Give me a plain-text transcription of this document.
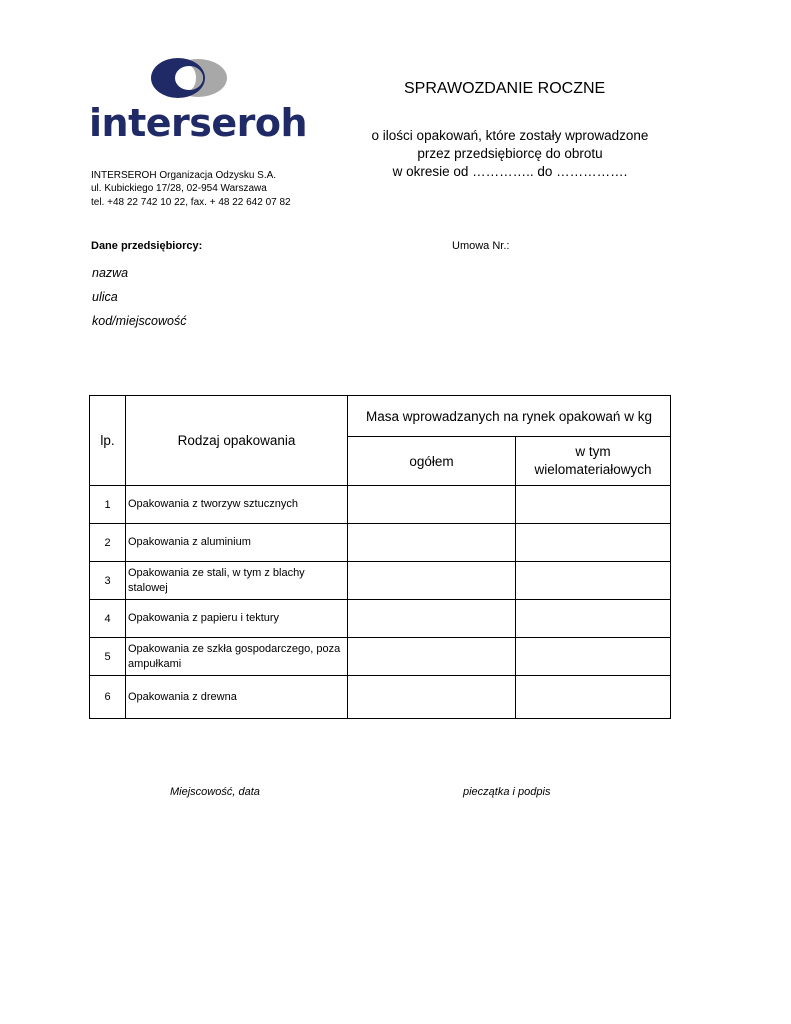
interseroh
INTERSEROH Organizacja Odzysku S.A.
ul. Kubickiego 17/28, 02-954 Warszawa
tel. +48 22 742 10 22, fax. + 48 22 642 07 82
SPRAWOZDANIE ROCZNE
o ilości opakowań, które zostały wprowadzone
przez przedsiębiorcę do obrotu
w okresie od ………….. do …………….
Dane przedsiębiorcy:	Umowa Nr.:
nazwa
ulica
kod/miejscowość
lp.	Rodzaj opakowania	Masa wprowadzanych na rynek opakowań w kg	
		ogółem	w tym wielomateriałowych
1	Opakowania z tworzyw sztucznych		
2	Opakowania z aluminium		
3	Opakowania ze stali, w tym z blachy stalowej		
4	Opakowania z papieru i tektury		
5	Opakowania ze szkła gospodarczego, poza ampułkami		
6	Opakowania z drewna		
Miejscowość, data	pieczątka i podpis
